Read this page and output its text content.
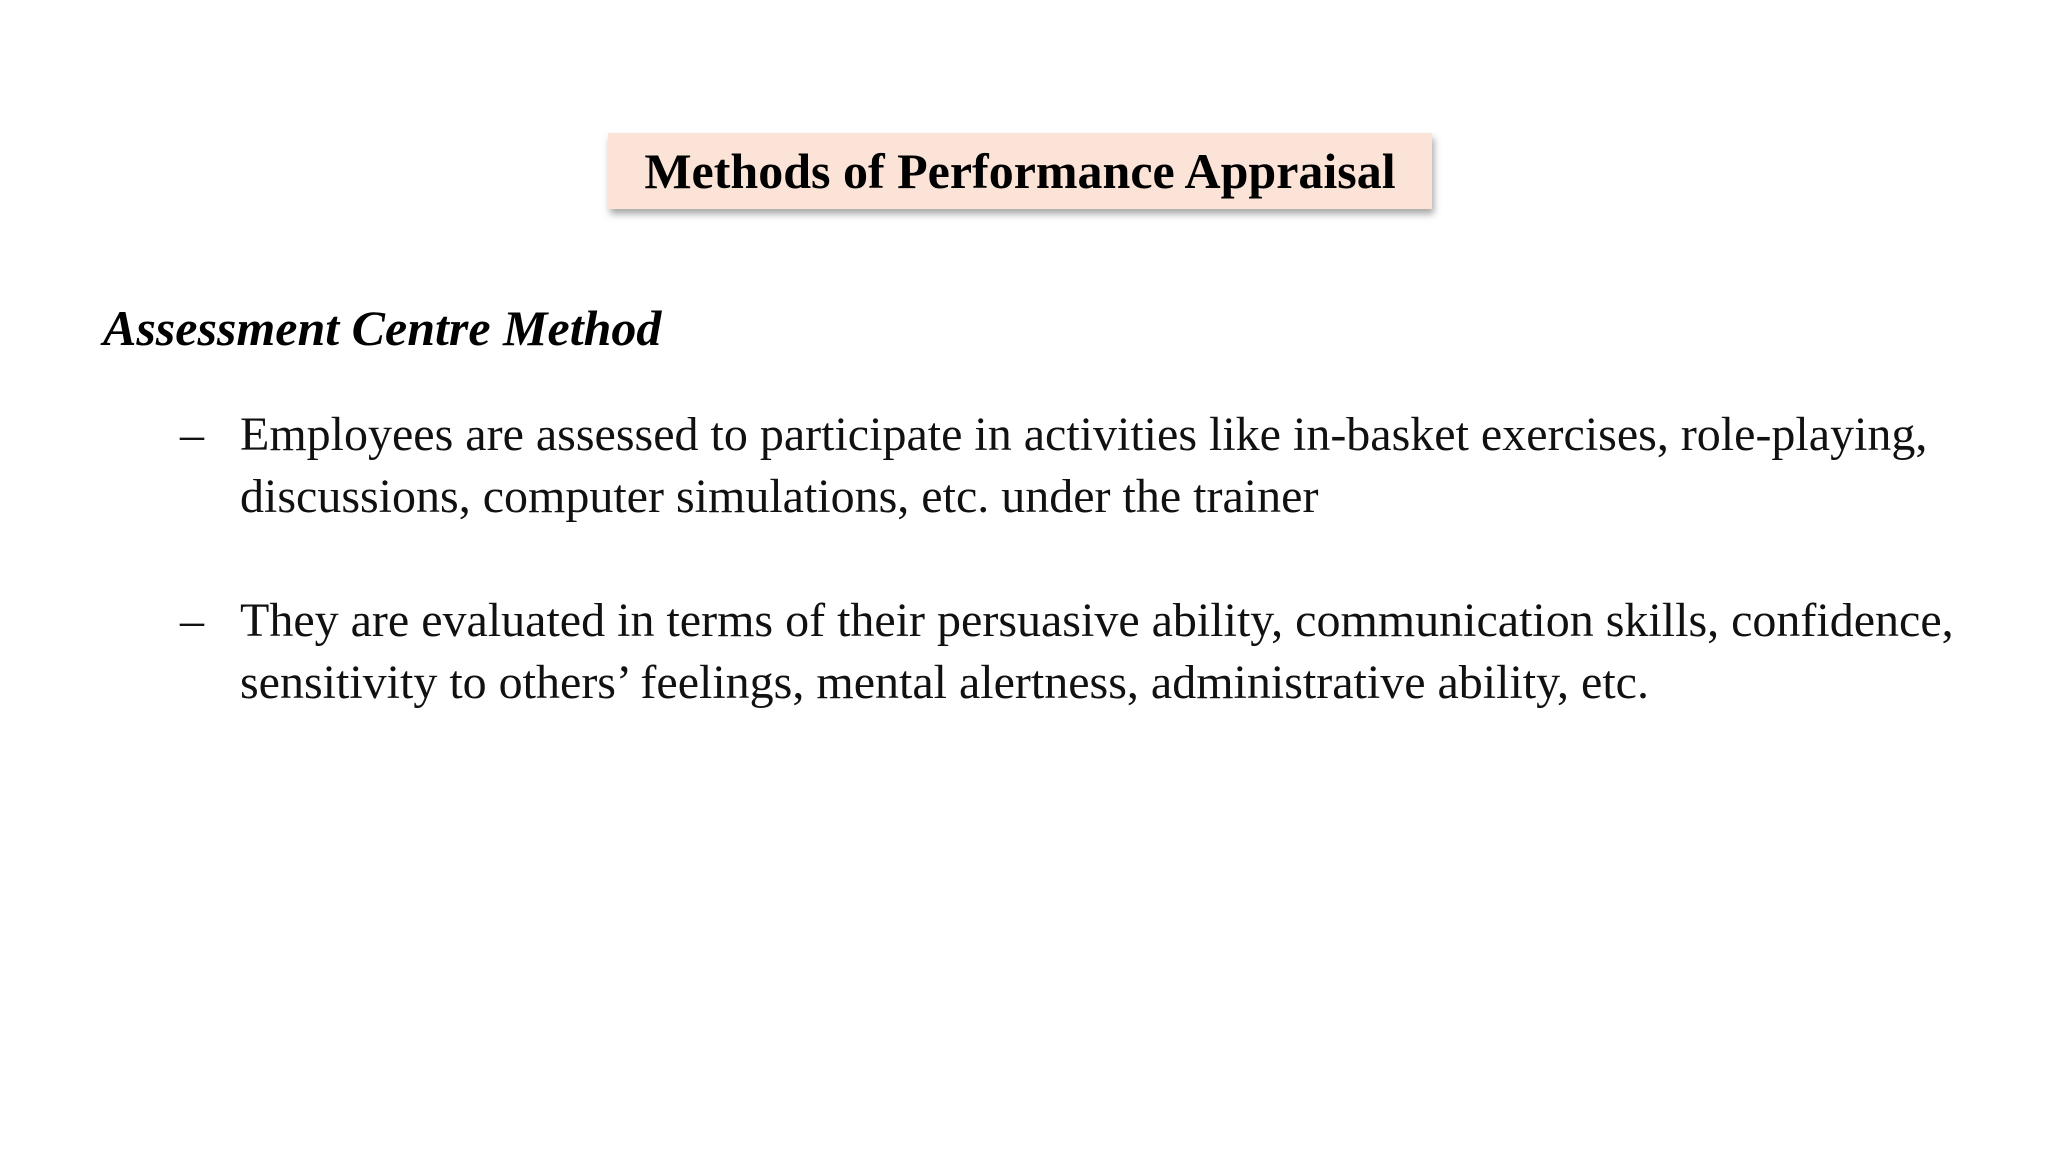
Methods of Performance Appraisal
Assessment Centre Method
– Employees are assessed to participate in activities like in-basket exercises, role-playing, discussions, computer simulations, etc. under the trainer
– They are evaluated in terms of their persuasive ability, communication skills, confidence, sensitivity to others’ feelings, mental alertness, administrative ability, etc.
